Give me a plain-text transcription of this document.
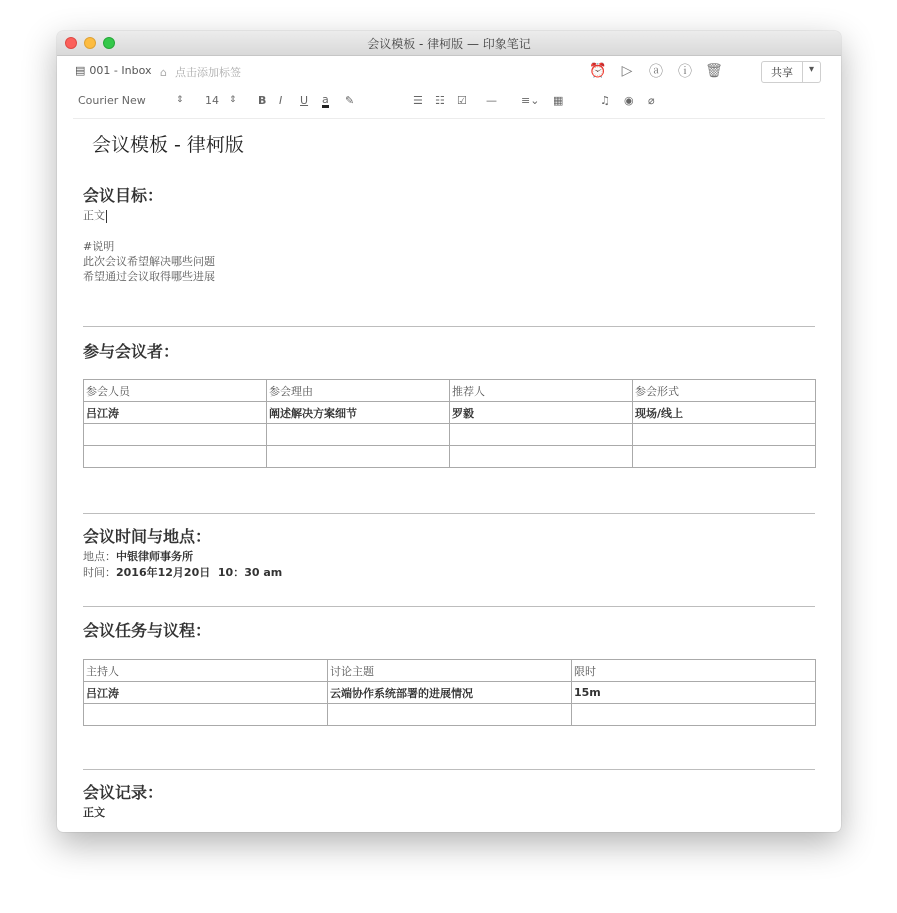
会议模板 - 律柯版 — 印象笔记
▤ 001 - Inbox ⌂ 点击添加标签	⏰ ▷ ⓐ ⓘ 🗑	共享	▾
Courier New	⇕ 14 ⇕ B I U a ✎	☰ ☷ ☑ — ≡⌄ ▦	♫ ◉ ⌀
会议模板 - 律柯版
会议目标：
正文
#说明
此次会议希望解决哪些问题
希望通过会议取得哪些进展
参与会议者：
参会人员	参会理由	推荐人	参会形式
吕江涛	阐述解决方案细节	罗毅	现场/线上

会议时间与地点：
地点：中银律师事务所
时间：2016年12月20日  10：30 am
会议任务与议程：
主持人	讨论主题	限时
吕江涛	云端协作系统部署的进展情况	15m

会议记录：
正文
